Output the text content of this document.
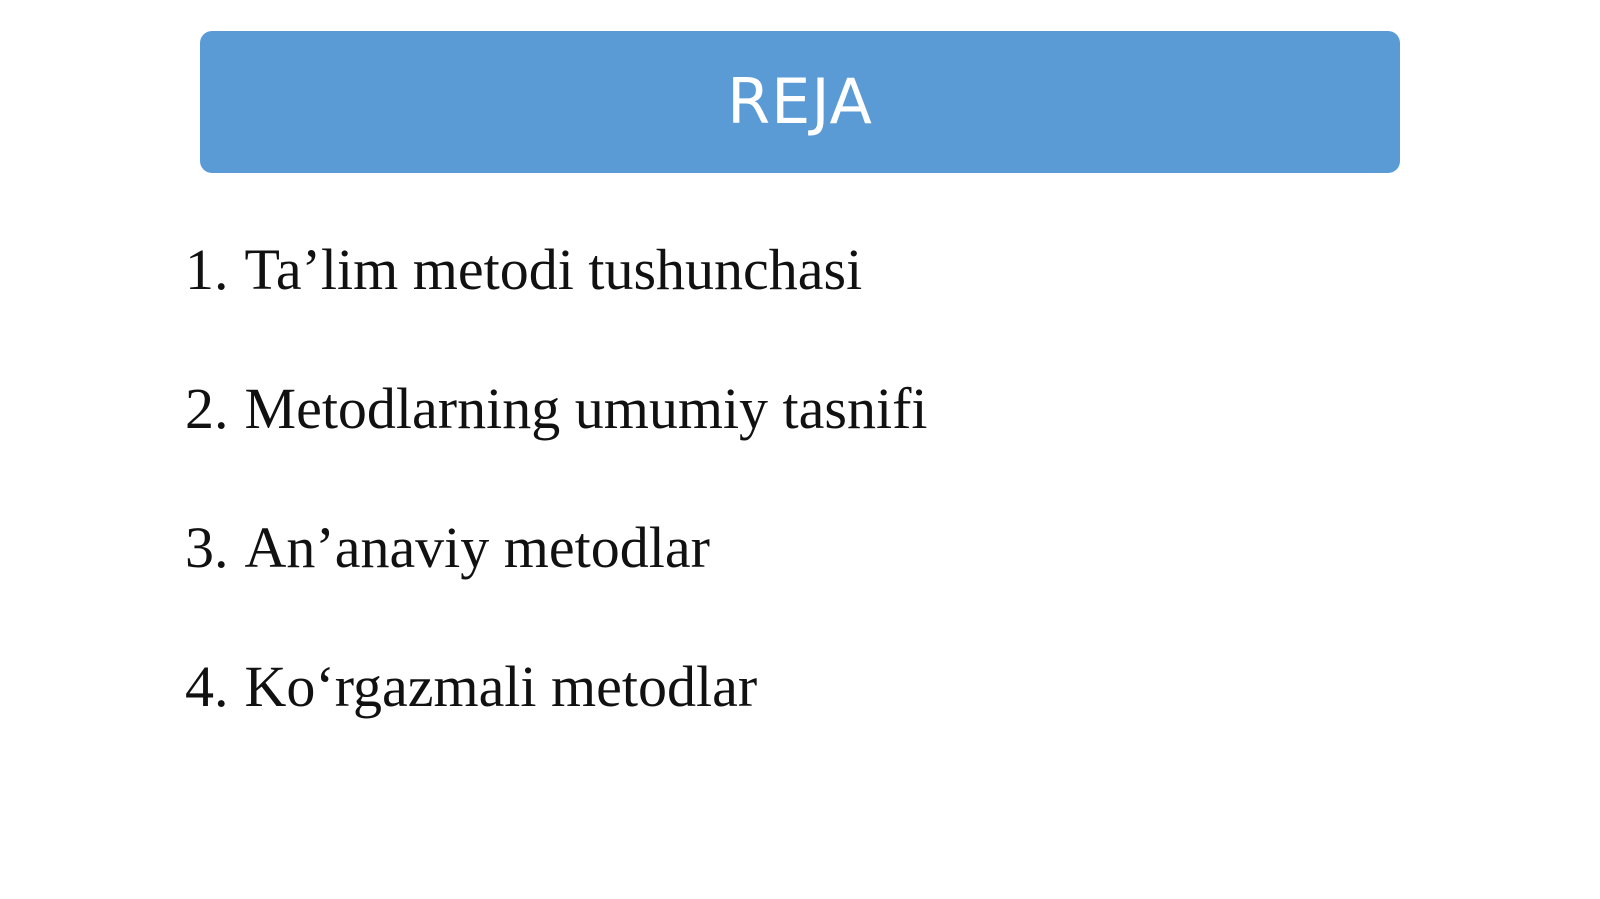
REJA
1. Ta’lim metodi tushunchasi
2. Metodlarning umumiy tasnifi
3. An’anaviy metodlar
4. Ko‘rgazmali metodlar
